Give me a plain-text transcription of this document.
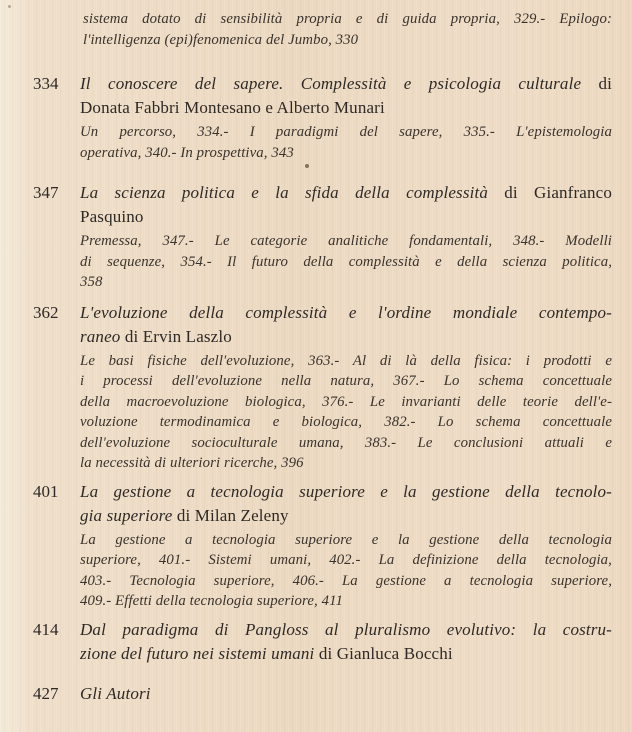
sistema dotato di sensibilità propria e di guida propria, 329.- Epilogo:
l'intelligenza (epi)fenomenica del Jumbo, 330
334	Il conoscere del sapere. Complessità e psicologia culturale di
Donata Fabbri Montesano e Alberto Munari
Un percorso, 334.- I paradigmi del sapere, 335.- L'epistemologia
operativa, 340.- In prospettiva, 343
347	La scienza politica e la sfida della complessità di Gianfranco
Pasquino
Premessa, 347.- Le categorie analitiche fondamentali, 348.- Modelli
di sequenze, 354.- Il futuro della complessità e della scienza politica,
358
362	L'evoluzione della complessità e l'ordine mondiale contempo-
raneo di Ervin Laszlo
Le basi fisiche dell'evoluzione, 363.- Al di là della fisica: i prodotti e
i processi dell'evoluzione nella natura, 367.- Lo schema concettuale
della macroevoluzione biologica, 376.- Le invarianti delle teorie dell'e-
voluzione termodinamica e biologica, 382.- Lo schema concettuale
dell'evoluzione socioculturale umana, 383.- Le conclusioni attuali e
la necessità di ulteriori ricerche, 396
401	La gestione a tecnologia superiore e la gestione della tecnolo-
gia superiore di Milan Zeleny
La gestione a tecnologia superiore e la gestione della tecnologia
superiore, 401.- Sistemi umani, 402.- La definizione della tecnologia,
403.- Tecnologia superiore, 406.- La gestione a tecnologia superiore,
409.- Effetti della tecnologia superiore, 411
414	Dal paradigma di Pangloss al pluralismo evolutivo: la costru-
zione del futuro nei sistemi umani di Gianluca Bocchi
427	Gli Autori
